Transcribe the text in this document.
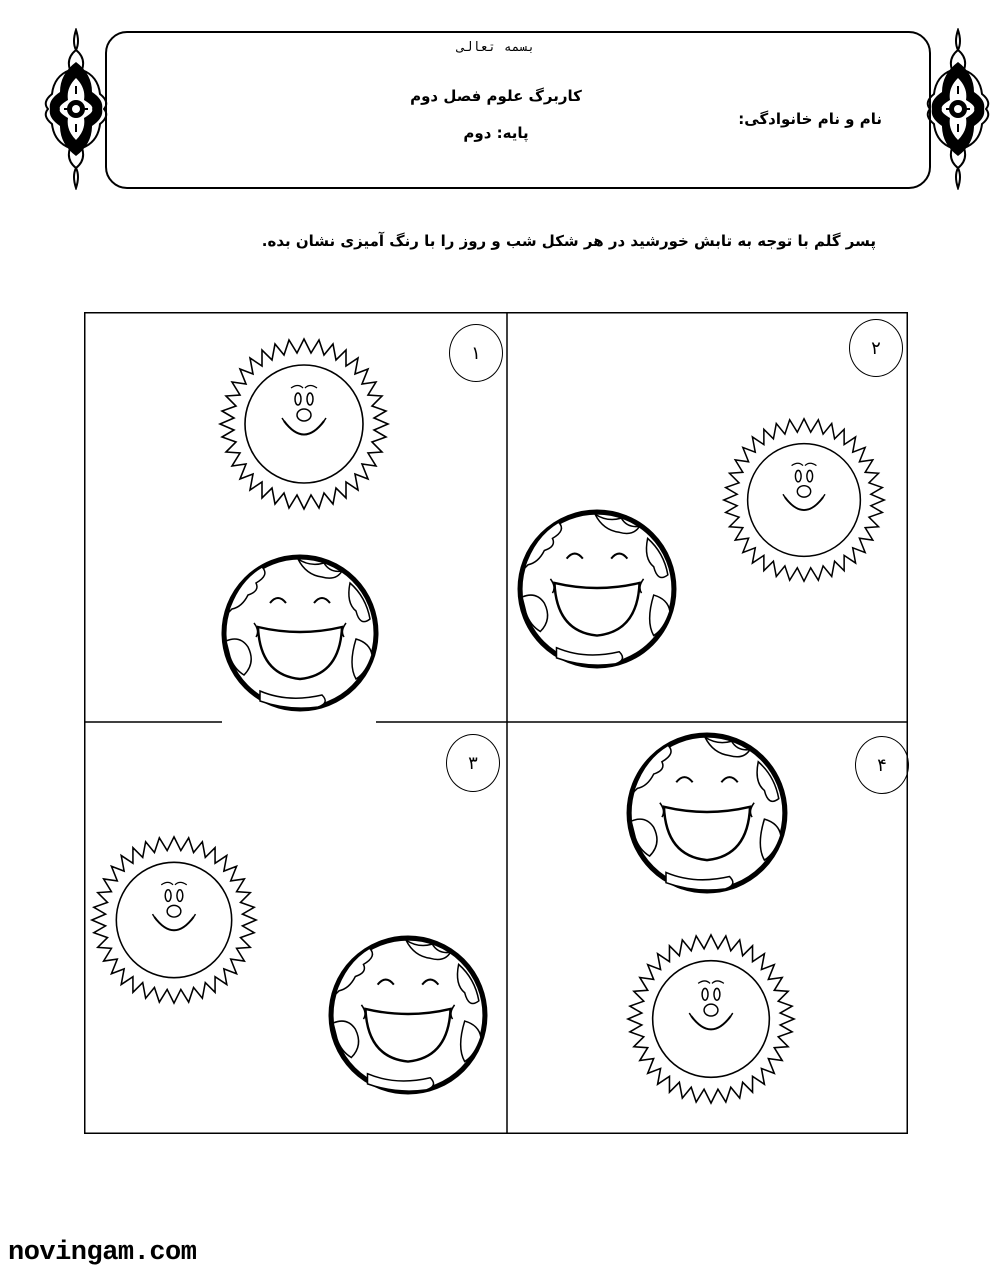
بسمه تعالی
کاربرگ علوم فصل دوم
پایه: دوم
نام و نام خانوادگی:
پسر گلم با توجه به تابش خورشید در هر شکل شب و روز را با رنگ آمیزی نشان بده.
۱	۲
۳	۴
novingam.com
